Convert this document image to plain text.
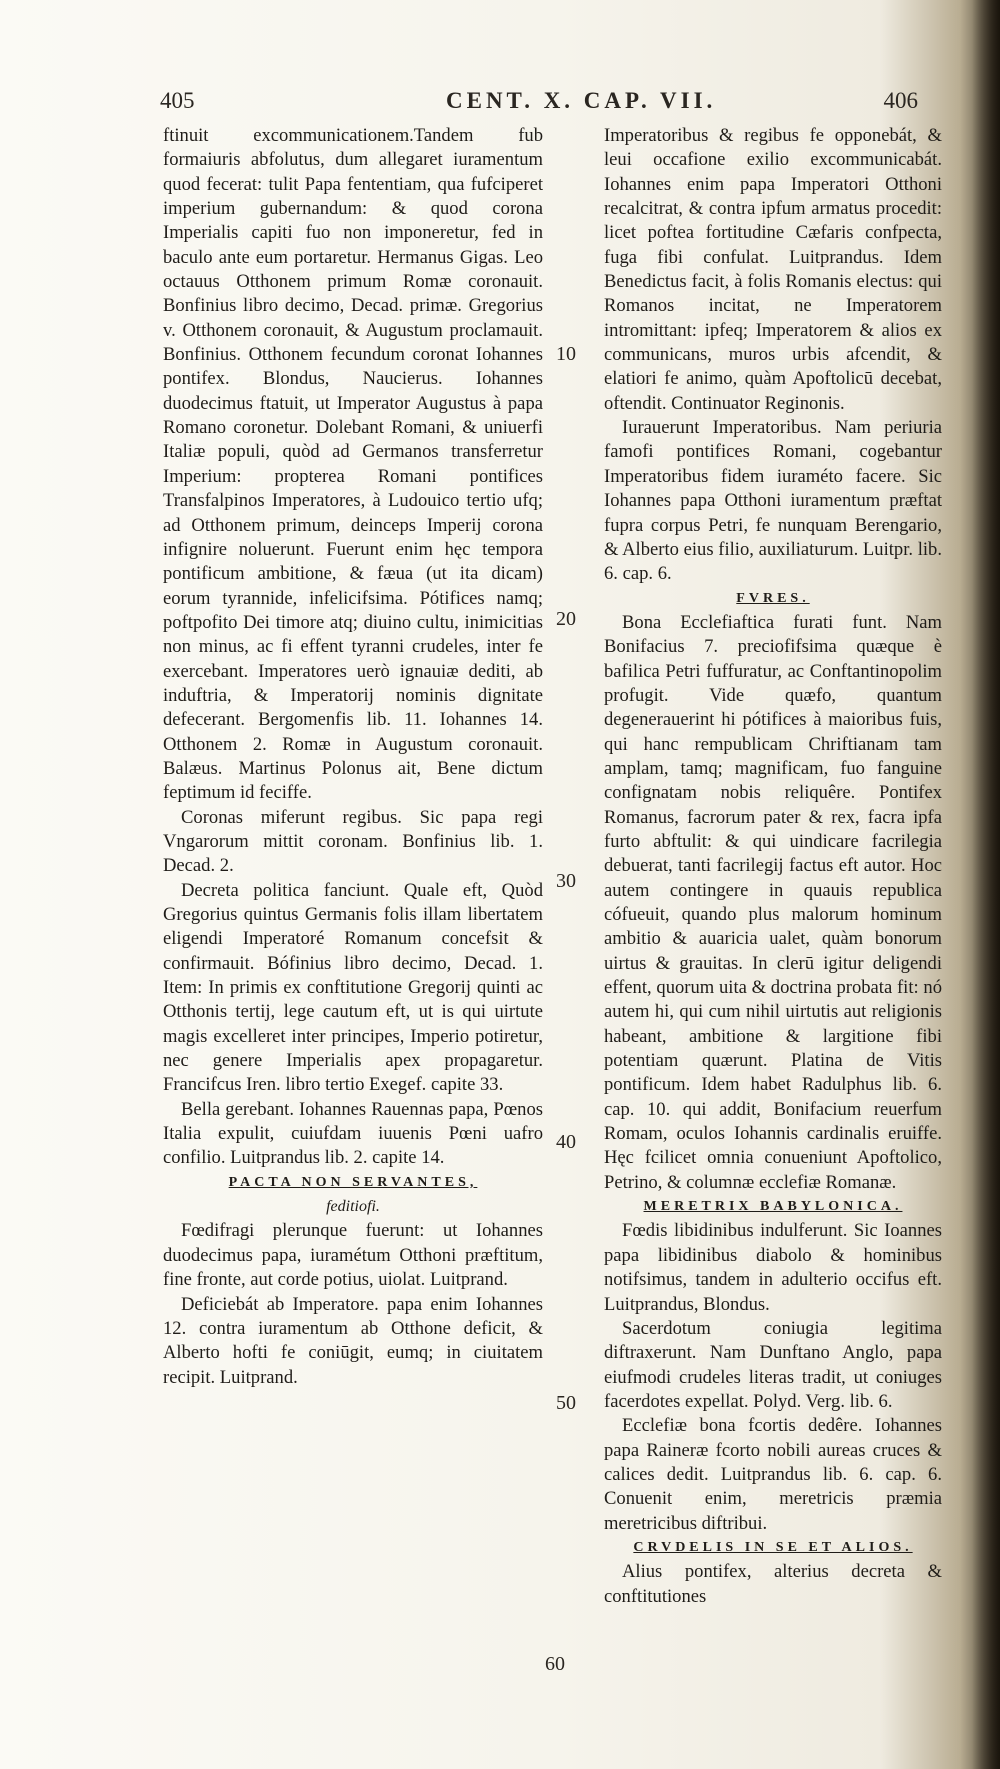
405	CENT. X. CAP. VII.	406
10
20
30
40
50
60

ftinuit excommunicationem.Tandem fub formaiuris abfolutus, dum allegaret iuramentum quod fecerat: tulit Papa fententiam, qua fufciperet imperium gubernandum: & quod corona Imperialis capiti fuo non imponeretur, fed in baculo ante eum portaretur. Hermanus Gigas. Leo octauus Otthonem primum Romæ coronauit. Bonfinius libro decimo, Decad. primæ. Gregorius v. Otthonem coronauit, & Augustum proclamauit. Bonfinius. Otthonem fecundum coronat Iohannes pontifex. Blondus, Naucierus. Iohannes duodecimus ftatuit, ut Imperator Augustus à papa Romano coronetur. Dolebant Romani, & uniuerfi Italiæ populi, quòd ad Germanos transferretur Imperium: propterea Romani pontifices Transfalpinos Imperatores, à Ludouico tertio ufq; ad Otthonem primum, deinceps Imperij corona infignire noluerunt. Fuerunt enim hęc tempora pontificum ambitione, & fæua (ut ita dicam) eorum tyrannide, infelicifsima. Pótifices namq; poftpofito Dei timore atq; diuino cultu, inimicitias non minus, ac fi effent tyranni crudeles, inter fe exercebant. Imperatores uerò ignauiæ dediti, ab induftria, & Imperatorij nominis dignitate defecerant. Bergomenfis lib. 11. Iohannes 14. Otthonem 2. Romæ in Augustum coronauit. Balæus. Martinus Polonus ait, Bene dictum feptimum id feciffe.

Coronas miferunt regibus. Sic papa regi Vngarorum mittit coronam. Bonfinius lib. 1. Decad. 2.

Decreta politica fanciunt. Quale eft, Quòd Gregorius quintus Germanis folis illam libertatem eligendi Imperatoré Romanum concefsit & confirmauit. Bófinius libro decimo, Decad. 1. Item: In primis ex conftitutione Gregorij quinti ac Otthonis tertij, lege cautum eft, ut is qui uirtute magis excelleret inter principes, Imperio potiretur, nec genere Imperialis apex propagaretur. Francifcus Iren. libro tertio Exegef. capite 33.

Bella gerebant. Iohannes Rauennas papa, Pœnos Italia expulit, cuiufdam iuuenis Pœni uafro confilio. Luitprandus lib. 2. capite 14.

PACTA NON SERVANTES,

feditiofi.

Fœdifragi plerunque fuerunt: ut Iohannes duodecimus papa, iuramétum Otthoni præftitum, fine fronte, aut corde potius, uiolat. Luitprand.

Deficiebát ab Imperatore. papa enim Iohannes 12. contra iuramentum ab Otthone deficit, & Alberto hofti fe coniūgit, eumq; in ciuitatem recipit. Luitprand.

Imperatoribus & regibus fe opponebát, & leui occafione exilio excommunicabát. Iohannes enim papa Imperatori Otthoni recalcitrat, & contra ipfum armatus procedit: licet poftea fortitudine Cæfaris confpecta, fuga fibi confulat. Luitprandus. Idem Benedictus facit, à folis Romanis electus: qui Romanos incitat, ne Imperatorem intromittant: ipfeq; Imperatorem & alios ex communicans, muros urbis afcendit, & elatiori fe animo, quàm Apoftolicū decebat, oftendit. Continuator Reginonis.

Iurauerunt Imperatoribus. Nam periuria famofi pontifices Romani, cogebantur Imperatoribus fidem iuraméto facere. Sic Iohannes papa Otthoni iuramentum præftat fupra corpus Petri, fe nunquam Berengario, & Alberto eius filio, auxiliaturum. Luitpr. lib. 6. cap. 6.

FVRES.

Bona Ecclefiaftica furati funt. Nam Bonifacius 7. preciofifsima quæque è bafilica Petri fuffuratur, ac Conftantinopolim profugit. Vide quæfo, quantum degenerauerint hi pótifices à maioribus fuis, qui hanc rempublicam Chriftianam tam amplam, tamq; magnificam, fuo fanguine confignatam nobis reliquêre. Pontifex Romanus, facrorum pater & rex, facra ipfa furto abftulit: & qui uindicare facrilegia debuerat, tanti facrilegij factus eft autor. Hoc autem contingere in quauis republica cófueuit, quando plus malorum hominum ambitio & auaricia ualet, quàm bonorum uirtus & grauitas. In clerū igitur deligendi effent, quorum uita & doctrina probata fit: nó autem hi, qui cum nihil uirtutis aut religionis habeant, ambitione & largitione fibi potentiam quærunt. Platina de Vitis pontificum. Idem habet Radulphus lib. 6. cap. 10. qui addit, Bonifacium reuerfum Romam, oculos Iohannis cardinalis eruiffe. Hęc fcilicet omnia conueniunt Apoftolico, Petrino, & columnæ ecclefiæ Romanæ.

MERETRIX BABYLONICA.

Fœdis libidinibus indulferunt. Sic Ioannes papa libidinibus diabolo & hominibus notifsimus, tandem in adulterio occifus eft. Luitprandus, Blondus.

Sacerdotum coniugia legitima diftraxerunt. Nam Dunftano Anglo, papa eiufmodi crudeles literas tradit, ut coniuges facerdotes expellat. Polyd. Verg. lib. 6.

Ecclefiæ bona fcortis dedêre. Iohannes papa Raineræ fcorto nobili aureas cruces & calices dedit. Luitprandus lib. 6. cap. 6. Conuenit enim, meretricis præmia meretricibus diftribui.

CRVDELIS IN SE ET ALIOS.

Alius pontifex, alterius decreta & conftitutiones
